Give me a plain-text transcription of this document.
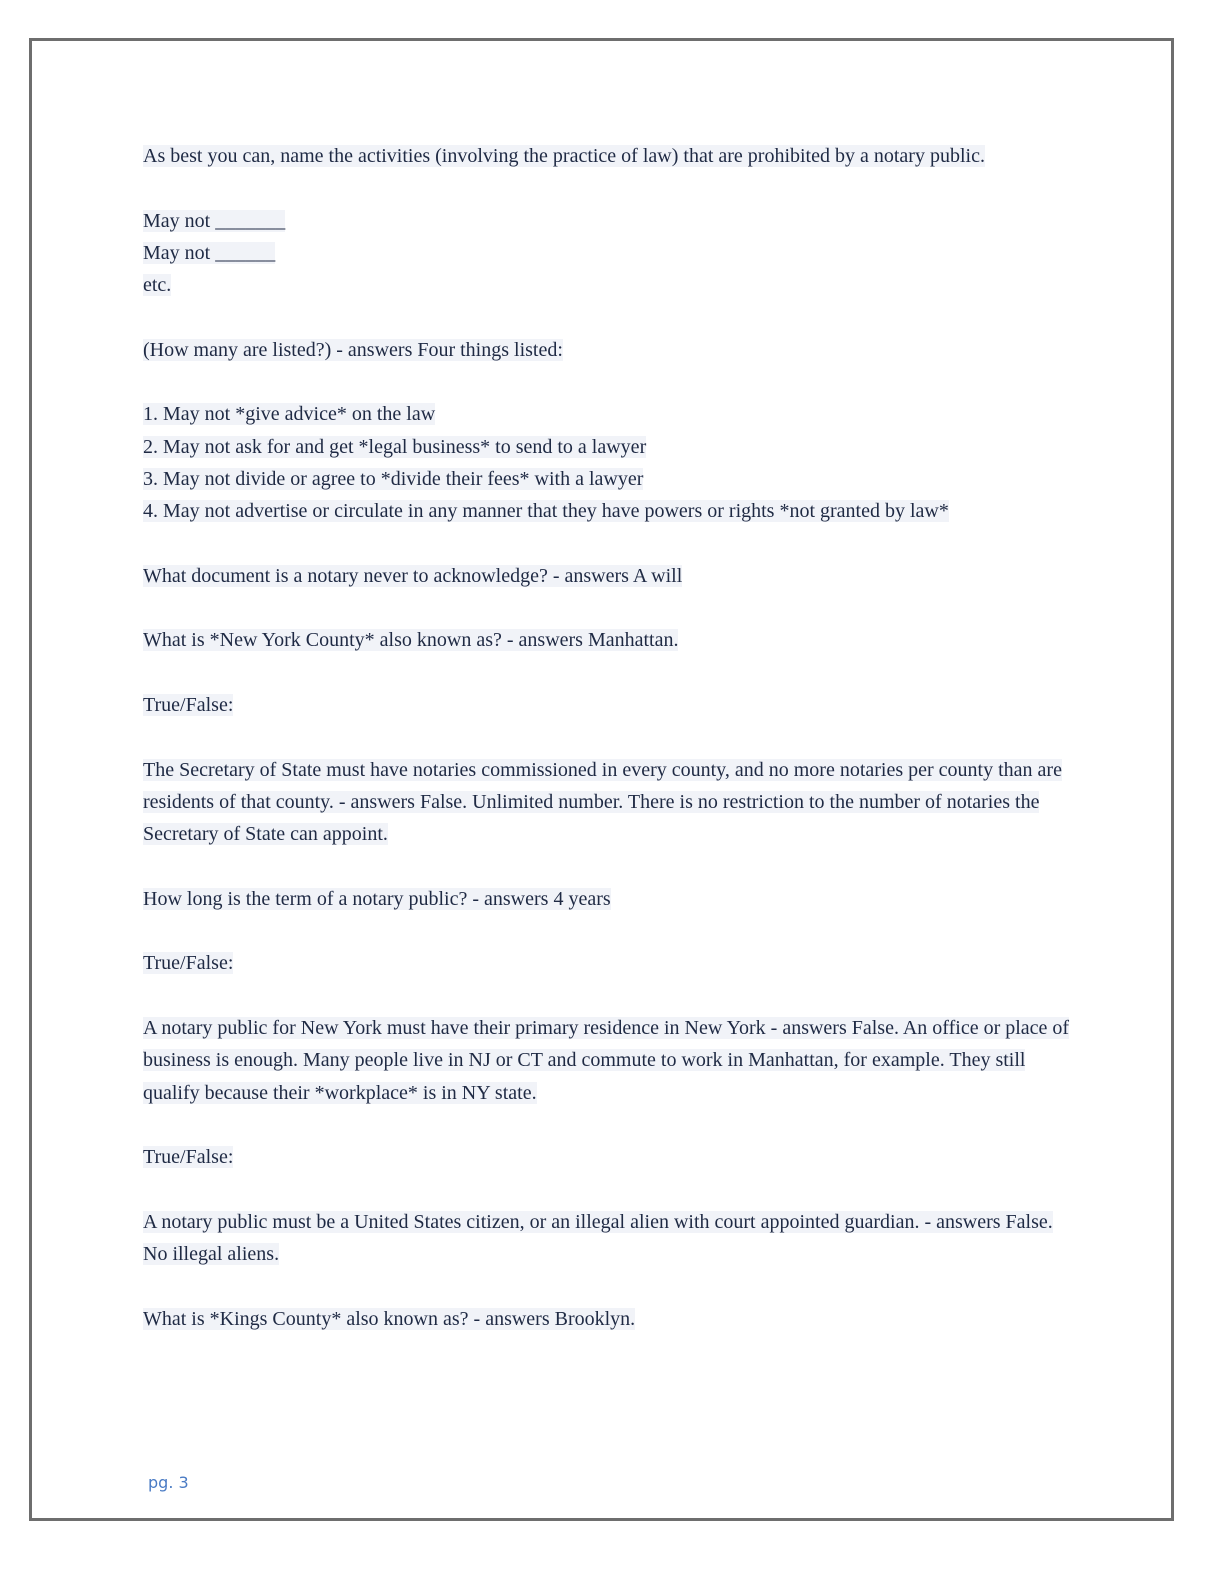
As best you can, name the activities (involving the practice of law) that are prohibited by a notary public.

May not _______
May not ______
etc.

(How many are listed?) - answers Four things listed:

1. May not *give advice* on the law
2. May not ask for and get *legal business* to send to a lawyer
3. May not divide or agree to *divide their fees* with a lawyer
4. May not advertise or circulate in any manner that they have powers or rights *not granted by law*

What document is a notary never to acknowledge? - answers A will

What is *New York County* also known as? - answers Manhattan.

True/False:

The Secretary of State must have notaries commissioned in every county, and no more notaries per county than are residents of that county. - answers False. Unlimited number. There is no restriction to the number of notaries the Secretary of State can appoint.

How long is the term of a notary public? - answers 4 years

True/False:

A notary public for New York must have their primary residence in New York - answers False. An office or place of business is enough. Many people live in NJ or CT and commute to work in Manhattan, for example. They still qualify because their *workplace* is in NY state.

True/False:

A notary public must be a United States citizen, or an illegal alien with court appointed guardian. - answers False. No illegal aliens.

What is *Kings County* also known as? - answers Brooklyn.

pg. 3
